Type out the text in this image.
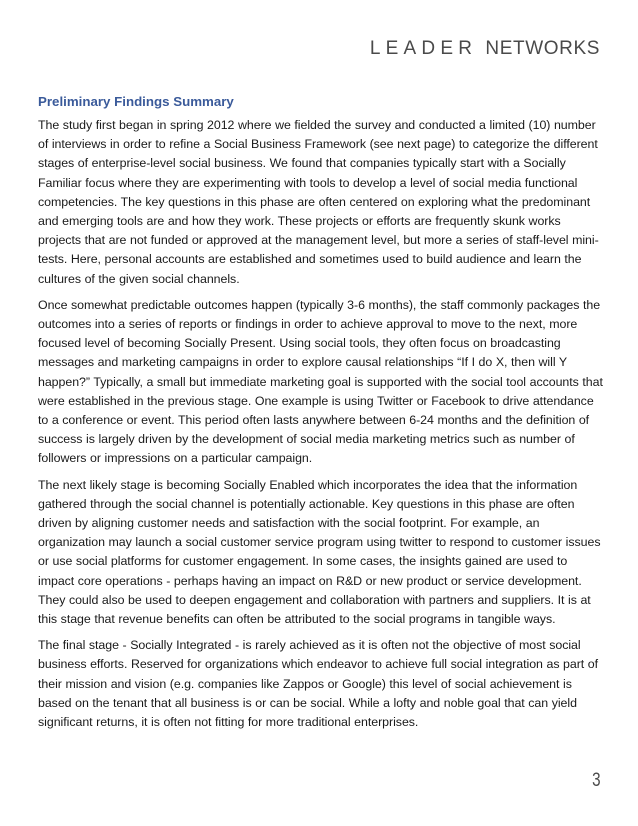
LEADER NETWORKS
Preliminary Findings Summary

The study first began in spring 2012 where we fielded the survey and conducted a limited (10) number of interviews in order to refine a Social Business Framework (see next page) to categorize the different stages of enterprise-level social business. We found that companies typically start with a Socially Familiar focus where they are experimenting with tools to develop a level of social media functional competencies. The key questions in this phase are often centered on exploring what the predominant and emerging tools are and how they work. These projects or efforts are frequently skunk works projects that are not funded or approved at the management level, but more a series of staff-level mini-tests. Here, personal accounts are established and sometimes used to build audience and learn the cultures of the given social channels.

Once somewhat predictable outcomes happen (typically 3-6 months), the staff commonly packages the outcomes into a series of reports or findings in order to achieve approval to move to the next, more focused level of becoming Socially Present. Using social tools, they often focus on broadcasting messages and marketing campaigns in order to explore causal relationships “If I do X, then will Y happen?” Typically, a small but immediate marketing goal is supported with the social tool accounts that were established in the previous stage. One example is using Twitter or Facebook to drive attendance to a conference or event. This period often lasts anywhere between 6-24 months and the definition of success is largely driven by the development of social media marketing metrics such as number of followers or impressions on a particular campaign.

The next likely stage is becoming Socially Enabled which incorporates the idea that the information gathered through the social channel is potentially actionable. Key questions in this phase are often driven by aligning customer needs and satisfaction with the social footprint. For example, an organization may launch a social customer service program using twitter to respond to customer issues or use social platforms for customer engagement. In some cases, the insights gained are used to impact core operations - perhaps having an impact on R&D or new product or service development. They could also be used to deepen engagement and collaboration with partners and suppliers. It is at this stage that revenue benefits can often be attributed to the social programs in tangible ways.

The final stage - Socially Integrated - is rarely achieved as it is often not the objective of most social business efforts. Reserved for organizations which endeavor to achieve full social integration as part of their mission and vision (e.g. companies like Zappos or Google) this level of social achievement is based on the tenant that all business is or can be social. While a lofty and noble goal that can yield significant returns, it is often not fitting for more traditional enterprises.

3
